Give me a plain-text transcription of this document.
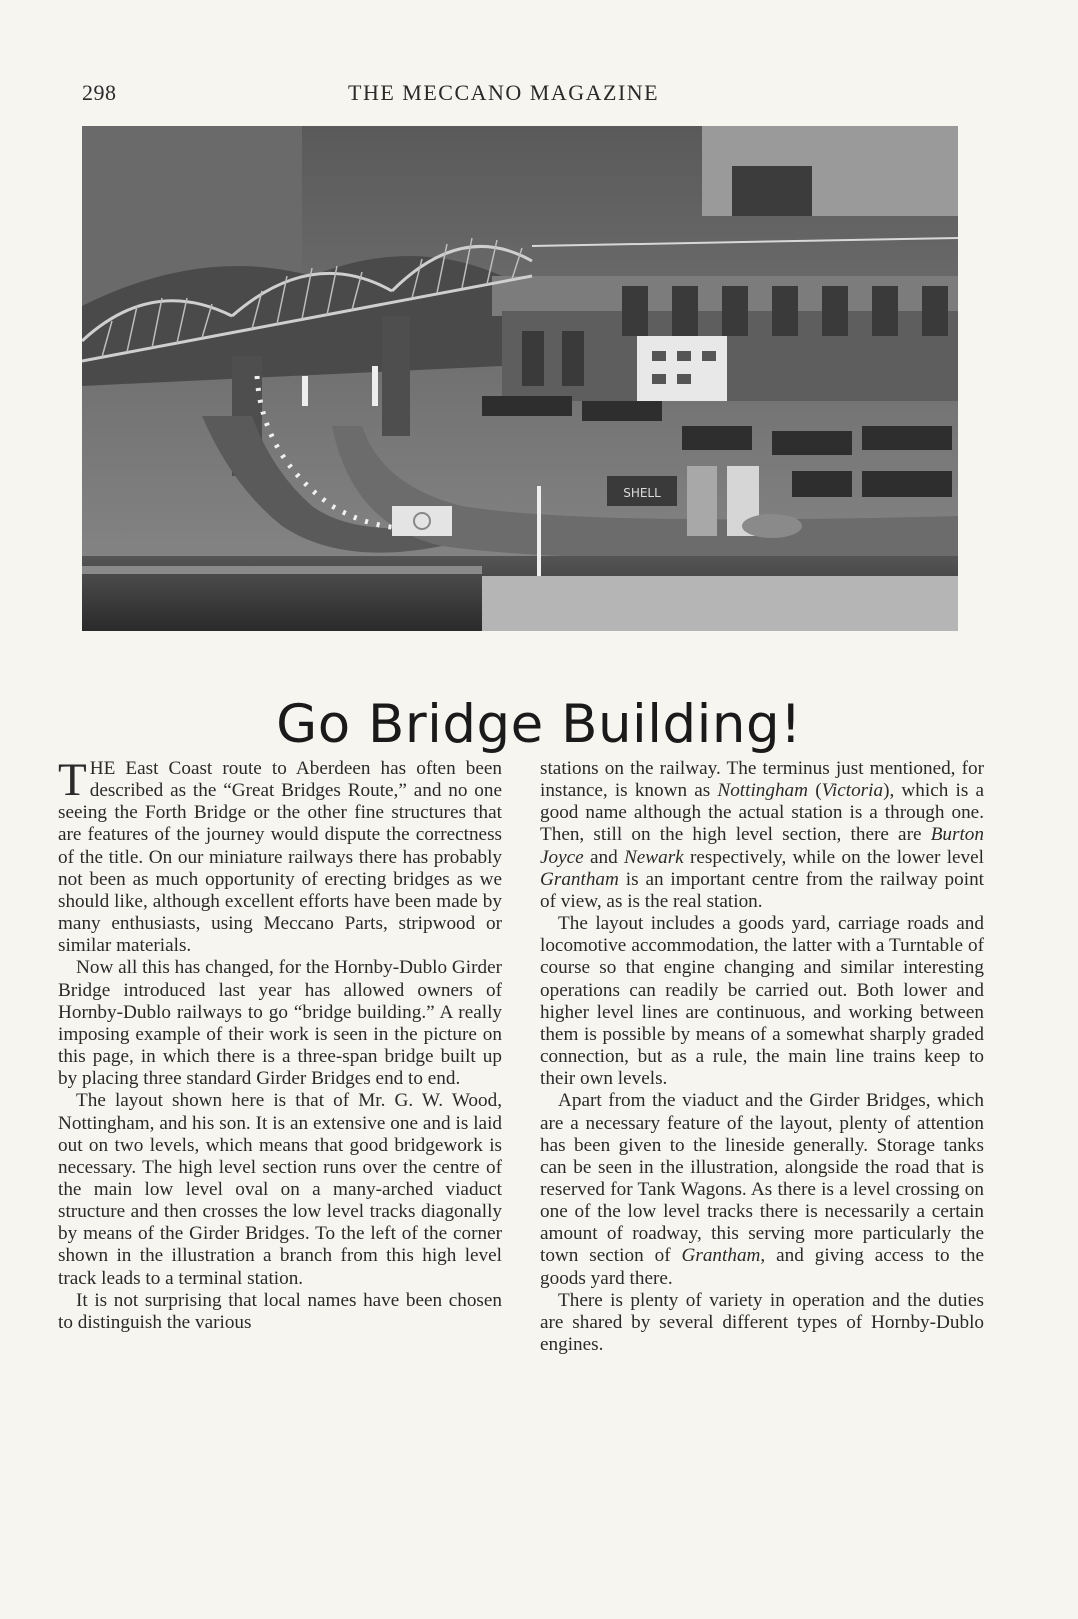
298	THE MECCANO MAGAZINE
SHELL
Go Bridge Building!

THE East Coast route to Aberdeen has often been described as the “Great Bridges Route,” and no one seeing the Forth Bridge or the other fine structures that are features of the journey would dispute the correctness of the title. On our miniature railways there has probably not been as much opportunity of erecting bridges as we should like, although excellent efforts have been made by many enthusiasts, using Meccano Parts, stripwood or similar materials.

Now all this has changed, for the Hornby-Dublo Girder Bridge introduced last year has allowed owners of Hornby-Dublo railways to go “bridge building.” A really imposing example of their work is seen in the picture on this page, in which there is a three-span bridge built up by placing three standard Girder Bridges end to end.

The layout shown here is that of Mr. G. W. Wood, Nottingham, and his son. It is an extensive one and is laid out on two levels, which means that good bridgework is necessary. The high level section runs over the centre of the main low level oval on a many-arched viaduct structure and then crosses the low level tracks diagonally by means of the Girder Bridges. To the left of the corner shown in the illustration a branch from this high level track leads to a terminal station.

It is not surprising that local names have been chosen to distinguish the various

stations on the railway. The terminus just mentioned, for instance, is known as Nottingham (Victoria), which is a good name although the actual station is a through one. Then, still on the high level section, there are Burton Joyce and Newark respectively, while on the lower level Grantham is an important centre from the railway point of view, as is the real station.

The layout includes a goods yard, carriage roads and locomotive accommodation, the latter with a Turntable of course so that engine changing and similar interesting operations can readily be carried out. Both lower and higher level lines are continuous, and working between them is possible by means of a somewhat sharply graded connection, but as a rule, the main line trains keep to their own levels.

Apart from the viaduct and the Girder Bridges, which are a necessary feature of the layout, plenty of attention has been given to the lineside generally. Storage tanks can be seen in the illustration, alongside the road that is reserved for Tank Wagons. As there is a level crossing on one of the low level tracks there is necessarily a certain amount of roadway, this serving more particularly the town section of Grantham, and giving access to the goods yard there.

There is plenty of variety in operation and the duties are shared by several different types of Hornby-Dublo engines.
